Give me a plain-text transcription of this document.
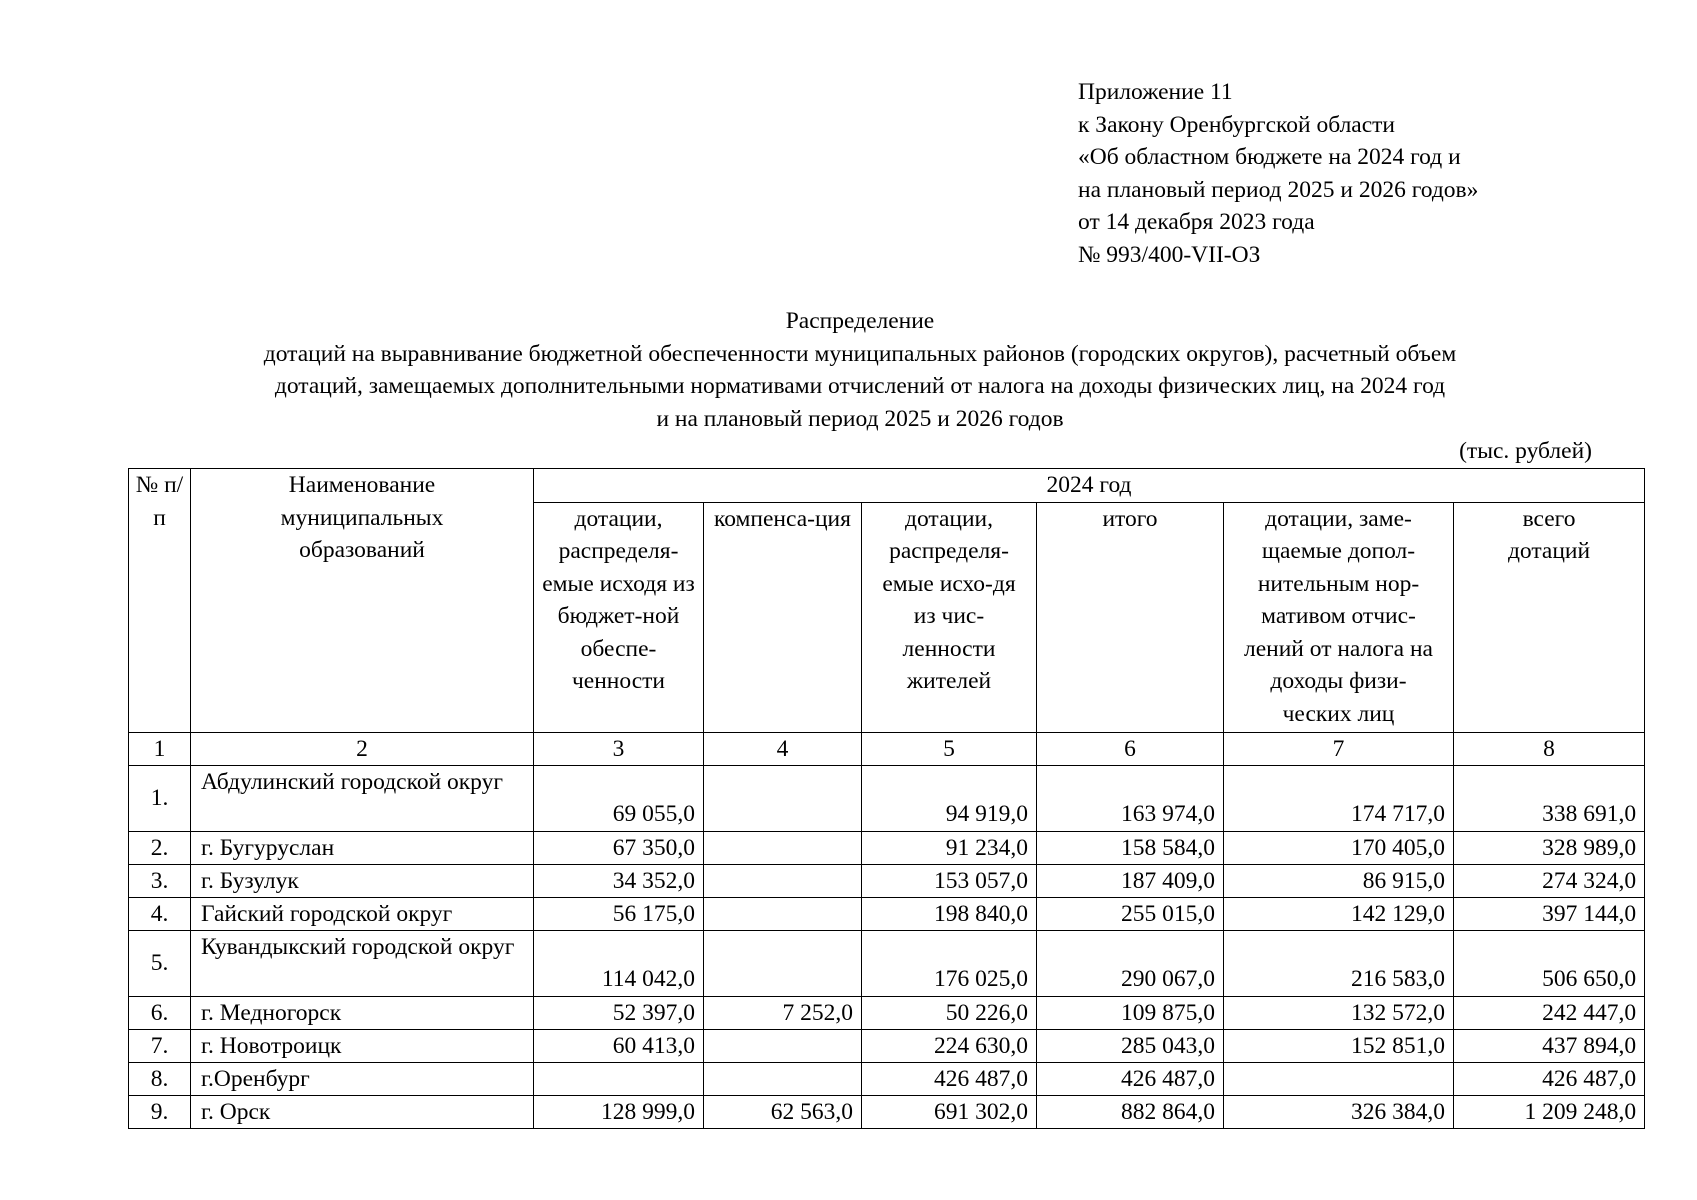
Приложение 11
к Закону Оренбургской области
«Об областном бюджете на 2024 год и
на плановый период 2025 и 2026 годов»
от 14 декабря 2023 года
№ 993/400-VII-ОЗ
Распределение
дотаций на выравнивание бюджетной обеспеченности муниципальных районов (городских округов), расчетный объем
дотаций, замещаемых дополнительными нормативами отчислений от налога на доходы физических лиц, на 2024 год
и на плановый период 2025 и 2026 годов
(тыс. рублей)
№ п/п	Наименование муниципальных образований	2024 год					
		дотации, распределя-емые исходя из бюджет-ной обеспе-ченности	компенса-ция	дотации, распределя-емые исхо-дя из чис-ленности жителей	итого	дотации, заме-щаемые допол-нительным нор-мативом отчис-лений от налога на доходы физи-ческих лиц	всего дотаций
1	2	3	4	5	6	7	8
1.	Абдулинский городской округ	69 055,0		94 919,0	163 974,0	174 717,0	338 691,0
2.	г. Бугуруслан	67 350,0		91 234,0	158 584,0	170 405,0	328 989,0
3.	г. Бузулук	34 352,0		153 057,0	187 409,0	86 915,0	274 324,0
4.	Гайский городской округ	56 175,0		198 840,0	255 015,0	142 129,0	397 144,0
5.	Кувандыкский городской округ	114 042,0		176 025,0	290 067,0	216 583,0	506 650,0
6.	г. Медногорск	52 397,0	7 252,0	50 226,0	109 875,0	132 572,0	242 447,0
7.	г. Новотроицк	60 413,0		224 630,0	285 043,0	152 851,0	437 894,0
8.	г.Оренбург			426 487,0	426 487,0		426 487,0
9.	г. Орск	128 999,0	62 563,0	691 302,0	882 864,0	326 384,0	1 209 248,0
